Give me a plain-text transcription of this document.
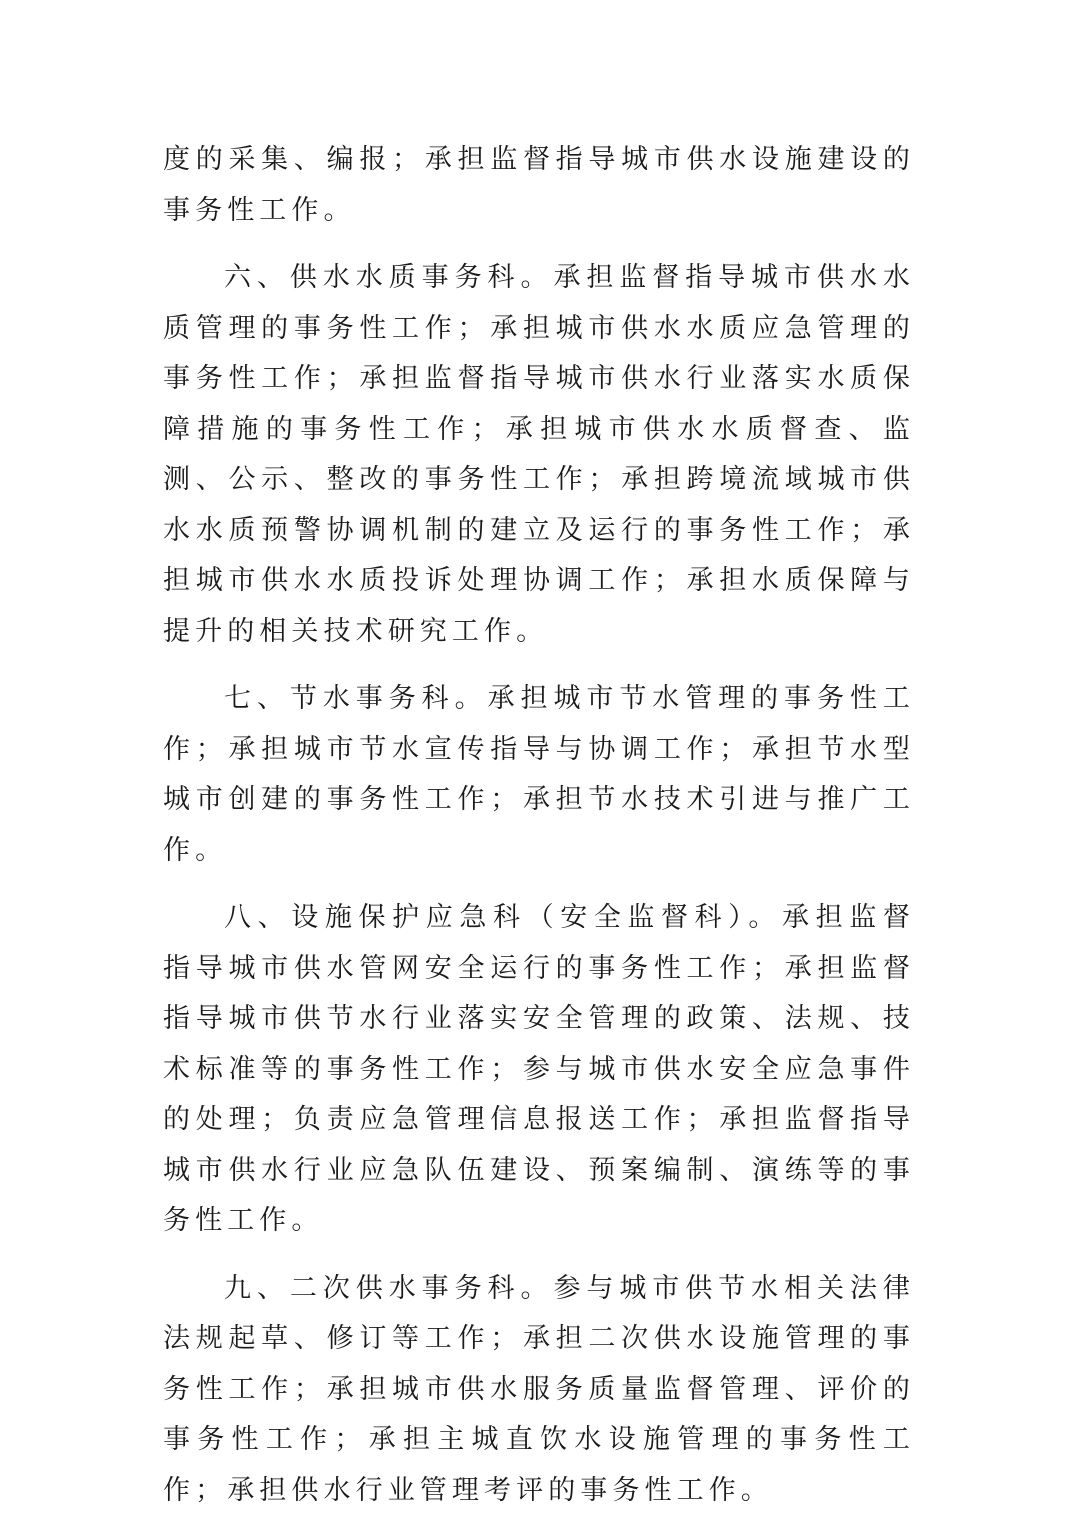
度的采集、编报；承担监督指导城市供水设施建设的事务性工作。

六、供水水质事务科。承担监督指导城市供水水质管理的事务性工作；承担城市供水水质应急管理的事务性工作；承担监督指导城市供水行业落实水质保障措施的事务性工作；承担城市供水水质督查、监测、公示、整改的事务性工作；承担跨境流域城市供水水质预警协调机制的建立及运行的事务性工作；承担城市供水水质投诉处理协调工作；承担水质保障与提升的相关技术研究工作。

七、节水事务科。承担城市节水管理的事务性工作；承担城市节水宣传指导与协调工作；承担节水型城市创建的事务性工作；承担节水技术引进与推广工作。

八、设施保护应急科（安全监督科）。承担监督指导城市供水管网安全运行的事务性工作；承担监督指导城市供节水行业落实安全管理的政策、法规、技术标准等的事务性工作；参与城市供水安全应急事件的处理；负责应急管理信息报送工作；承担监督指导城市供水行业应急队伍建设、预案编制、演练等的事务性工作。

九、二次供水事务科。参与城市供节水相关法律法规起草、修订等工作；承担二次供水设施管理的事务性工作；承担城市供水服务质量监督管理、评价的事务性工作；承担主城直饮水设施管理的事务性工作；承担供水行业管理考评的事务性工作。
